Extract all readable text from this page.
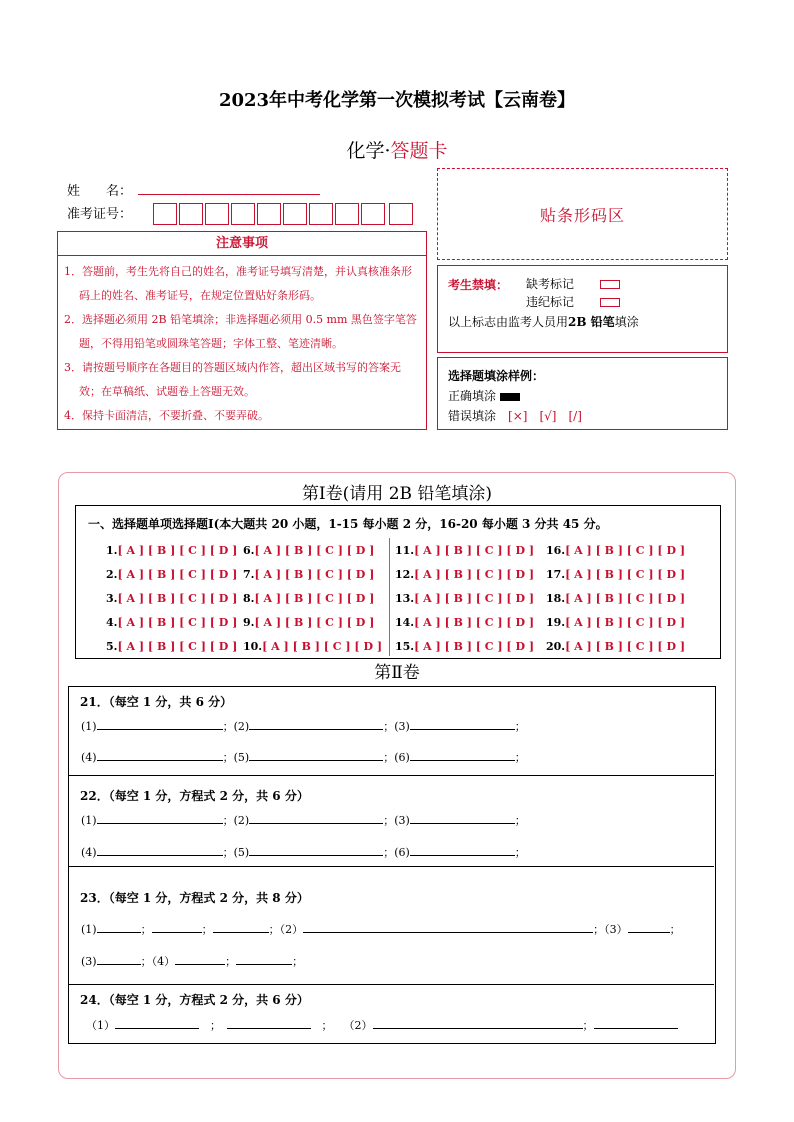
2023年中考化学第一次模拟考试【云南卷】
化学·答题卡
姓　　名：
准考证号：	贴条形码区
注意事项

1．答题前，考生先将自己的姓名，准考证号填写清楚，并认真核准条形码上的姓名、准考证号，在规定位置贴好条形码。

2．选择题必须用 2B 铅笔填涂；非选择题必须用 0.5 mm 黑色签字笔答题，不得用铅笔或圆珠笔答题；字体工整、笔迹清晰。

3．请按题号顺序在各题目的答题区域内作答，超出区域书写的答案无效；在草稿纸、试题卷上答题无效。

4．保持卡面清洁，不要折叠、不要弄破。

考生禁填： 缺考标记　
违纪标记　
以上标志由监考人员用2B 铅笔填涂
选择题填涂样例：
正确填涂
错误填涂　 [×]　 [√]　 [/]
第Ⅰ卷(请用 2B 铅笔填涂)
一、选择题单项选择题Ⅰ(本大题共 20 小题，1-15 每小题 2 分，16-20 每小题 3 分共 45 分。
1.[ A ] [ B ] [ C ] [ D ]
2.[ A ] [ B ] [ C ] [ D ]
3.[ A ] [ B ] [ C ] [ D ]
4.[ A ] [ B ] [ C ] [ D ]
5.[ A ] [ B ] [ C ] [ D ]
6.[ A ] [ B ] [ C ] [ D ]
7.[ A ] [ B ] [ C ] [ D ]
8.[ A ] [ B ] [ C ] [ D ]
9.[ A ] [ B ] [ C ] [ D ]
10.[ A ] [ B ] [ C ] [ D ]
11.[ A ] [ B ] [ C ] [ D ]
12.[ A ] [ B ] [ C ] [ D ]
13.[ A ] [ B ] [ C ] [ D ]
14.[ A ] [ B ] [ C ] [ D ]
15.[ A ] [ B ] [ C ] [ D ]
16.[ A ] [ B ] [ C ] [ D ]
17.[ A ] [ B ] [ C ] [ D ]
18.[ A ] [ B ] [ C ] [ D ]
19.[ A ] [ B ] [ C ] [ D ]
20.[ A ] [ B ] [ C ] [ D ]
第Ⅱ卷
21．（每空 1 分，共 6 分）
(1)	；(2)	；(3)	；
(4)	；(5)	；(6)	；
22．（每空 1 分，方程式 2 分，共 6 分）
(1)	；(2)	；(3)	；
(4)	；(5)	；(6)	；
23．（每空 1 分，方程式 2 分，共 8 分）
(1)	；	；	；（2）	；（3）	；
(3)	；（4）	；	；
24．（每空 1 分，方程式 2 分，共 6 分）
（1）　	；　　	；　　 （2）	；
